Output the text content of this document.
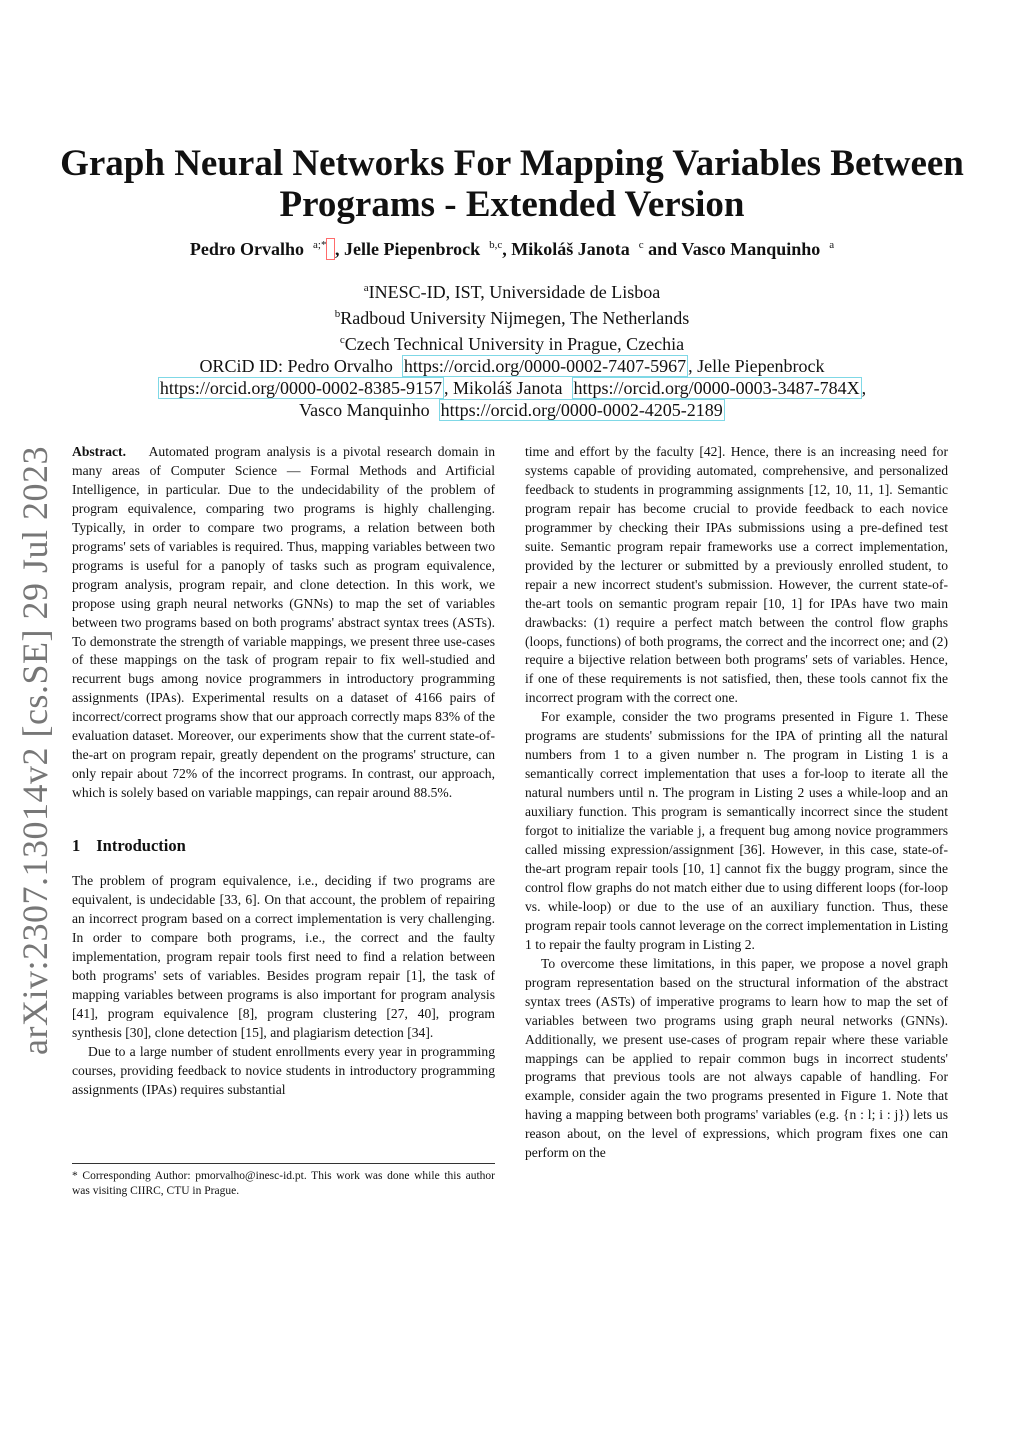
arXiv:2307.13014v2 [cs.SE] 29 Jul 2023
Graph Neural Networks For Mapping Variables Between Programs - Extended Version
Pedro Orvalho $^{a;*}$ , Jelle Piepenbrock $^{b,c}$, Mikoláš Janota $^c$ and Vasco Manquinho $^a$
$^a$INESC-ID, IST, Universidade de Lisboa
$^b$Radboud University Nijmegen, The Netherlands
$^c$Czech Technical University in Prague, Czechia
ORCiD ID: Pedro Orvalho https://orcid.org/0000-0002-7407-5967 , Jelle Piepenbrock
https://orcid.org/0000-0002-8385-9157 , Mikoláš Janota https://orcid.org/0000-0003-3487-784X ,
Vasco Manquinho https://orcid.org/0000-0002-4205-2189

Abstract. Automated program analysis is a pivotal research domain in many areas of Computer Science — Formal Methods and Artificial Intelligence, in particular. Due to the undecidability of the problem of program equivalence, comparing two programs is highly challenging. Typically, in order to compare two programs, a relation between both programs' sets of variables is required. Thus, mapping variables between two programs is useful for a panoply of tasks such as program equivalence, program analysis, program repair, and clone detection. In this work, we propose using graph neural networks (GNNs) to map the set of variables between two programs based on both programs' abstract syntax trees (ASTs). To demonstrate the strength of variable mappings, we present three use-cases of these mappings on the task of program repair to fix well-studied and recurrent bugs among novice programmers in introductory programming assignments (IPAs). Experimental results on a dataset of 4166 pairs of incorrect/correct programs show that our approach correctly maps 83% of the evaluation dataset. Moreover, our experiments show that the current state-of-the-art on program repair, greatly dependent on the programs' structure, can only repair about 72% of the incorrect programs. In contrast, our approach, which is solely based on variable mappings, can repair around 88.5%.

1 Introduction

The problem of program equivalence, i.e., deciding if two programs are equivalent, is undecidable [33, 6]. On that account, the problem of repairing an incorrect program based on a correct implementation is very challenging. In order to compare both programs, i.e., the correct and the faulty implementation, program repair tools first need to find a relation between both programs' sets of variables. Besides program repair [1], the task of mapping variables between programs is also important for program analysis [41], program equivalence [8], program clustering [27, 40], program synthesis [30], clone detection [15], and plagiarism detection [34].

Due to a large number of student enrollments every year in programming courses, providing feedback to novice students in introductory programming assignments (IPAs) requires substantial

* Corresponding Author: pmorvalho@inesc-id.pt. This work was done while this author was visiting CIIRC, CTU in Prague.

time and effort by the faculty [42]. Hence, there is an increasing need for systems capable of providing automated, comprehensive, and personalized feedback to students in programming assignments [12, 10, 11, 1]. Semantic program repair has become crucial to provide feedback to each novice programmer by checking their IPAs submissions using a pre-defined test suite. Semantic program repair frameworks use a correct implementation, provided by the lecturer or submitted by a previously enrolled student, to repair a new incorrect student's submission. However, the current state-of-the-art tools on semantic program repair [10, 1] for IPAs have two main drawbacks: (1) require a perfect match between the control flow graphs (loops, functions) of both programs, the correct and the incorrect one; and (2) require a bijective relation between both programs' sets of variables. Hence, if one of these requirements is not satisfied, then, these tools cannot fix the incorrect program with the correct one.

For example, consider the two programs presented in Figure 1. These programs are students' submissions for the IPA of printing all the natural numbers from 1 to a given number n. The program in Listing 1 is a semantically correct implementation that uses a for-loop to iterate all the natural numbers until n. The program in Listing 2 uses a while-loop and an auxiliary function. This program is semantically incorrect since the student forgot to initialize the variable j, a frequent bug among novice programmers called missing expression/assignment [36]. However, in this case, state-of-the-art program repair tools [10, 1] cannot fix the buggy program, since the control flow graphs do not match either due to using different loops (for-loop vs. while-loop) or due to the use of an auxiliary function. Thus, these program repair tools cannot leverage on the correct implementation in Listing 1 to repair the faulty program in Listing 2.

To overcome these limitations, in this paper, we propose a novel graph program representation based on the structural information of the abstract syntax trees (ASTs) of imperative programs to learn how to map the set of variables between two programs using graph neural networks (GNNs). Additionally, we present use-cases of program repair where these variable mappings can be applied to repair common bugs in incorrect students' programs that previous tools are not always capable of handling. For example, consider again the two programs presented in Figure 1. Note that having a mapping between both programs' variables (e.g. {n : l; i : j}) lets us reason about, on the level of expressions, which program fixes one can perform on the
